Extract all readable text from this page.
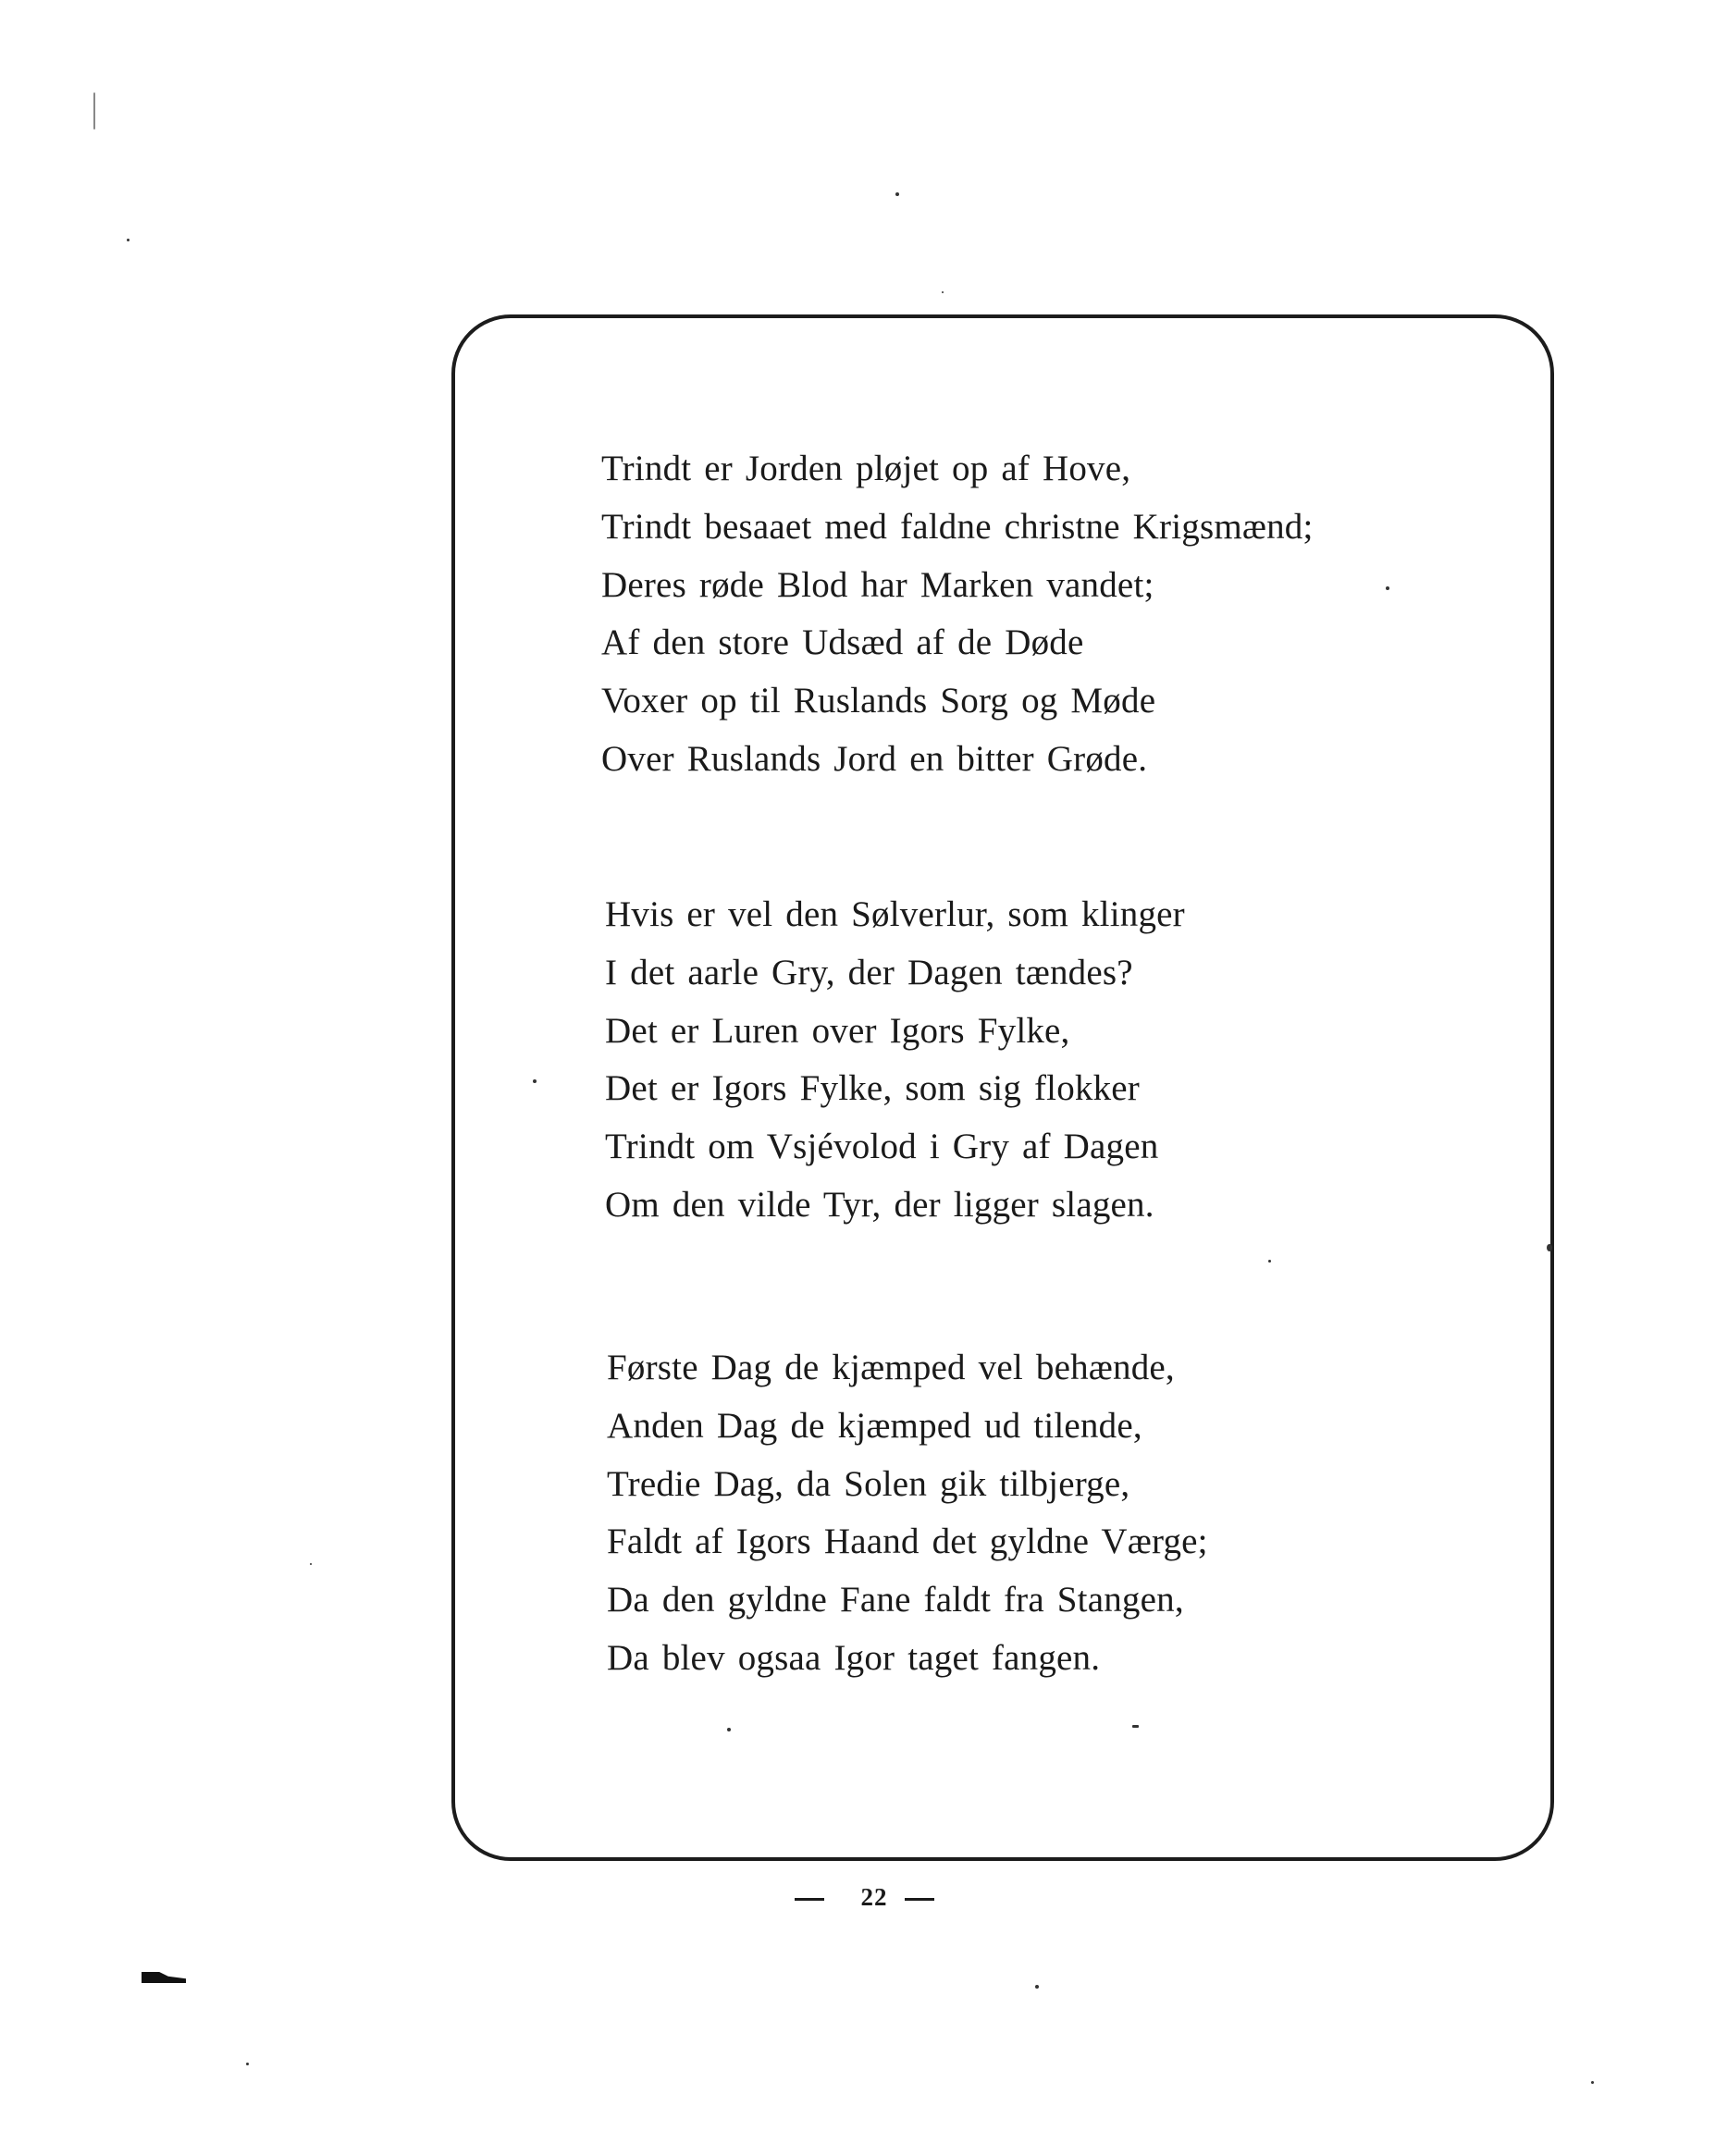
Trindt er Jorden pløjet op af Hove,
Trindt besaaet med faldne christne Krigsmænd;
Deres røde Blod har Marken vandet;
Af den store Udsæd af de Døde
Voxer op til Ruslands Sorg og Møde
Over Ruslands Jord en bitter Grøde.
Hvis er vel den Sølverlur, som klinger
I det aarle Gry, der Dagen tændes?
Det er Luren over Igors Fylke,
Det er Igors Fylke, som sig flokker
Trindt om Vsjévolod i Gry af Dagen
Om den vilde Tyr, der ligger slagen.
Første Dag de kjæmped vel behænde,
Anden Dag de kjæmped ud tilende,
Tredie Dag, da Solen gik tilbjerge,
Faldt af Igors Haand det gyldne Værge;
Da den gyldne Fane faldt fra Stangen,
Da blev ogsaa Igor taget fangen.
22
